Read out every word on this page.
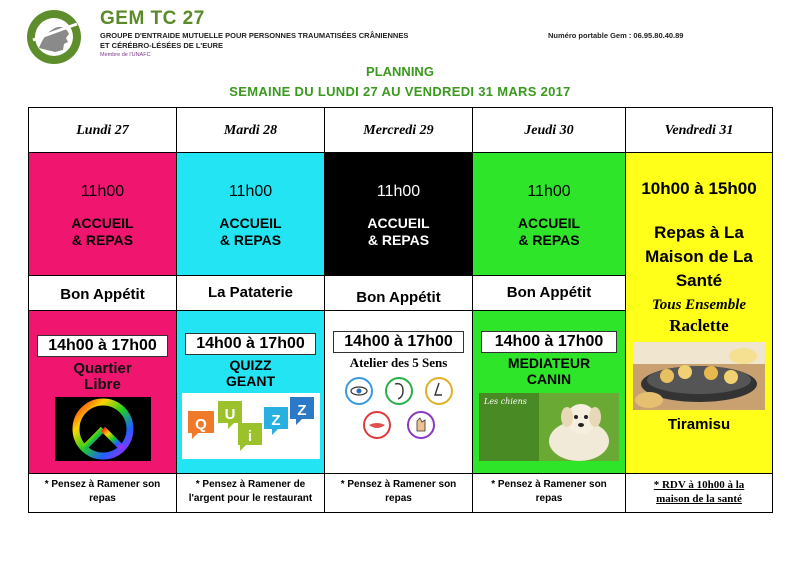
GEM TC 27
GROUPE D'ENTRAIDE MUTUELLE POUR PERSONNES TRAUMATISÉES CRÂNIENNES
ET CÉRÉBRO-LÉSÉES DE L'EURE
Membre de l'UNAFC
Numéro portable Gem : 06.95.80.40.89
PLANNING
SEMAINE DU LUNDI 27 AU VENDREDI 31 MARS 2017
Lundi 27
11h00
ACCUEIL
& REPAS
Bon Appétit
14h00 à 17h00
Quartier
Libre
* Pensez à Ramener son
repas
Mardi 28
11h00
ACCUEIL
& REPAS
La Pataterie
14h00 à 17h00
QUIZZ
GEANT
Q
U
i
Z
Z
* Pensez à Ramener de
l'argent pour le restaurant
Mercredi 29
11h00
ACCUEIL
& REPAS
Bon Appétit
14h00 à 17h00
Atelier des 5 Sens
* Pensez à Ramener son
repas
Jeudi 30
11h00
ACCUEIL
& REPAS
Bon Appétit
14h00 à 17h00
MEDIATEUR
CANIN
Les chiens
* Pensez à Ramener son
repas
Vendredi 31
10h00 à 15h00
Repas à La
Maison de La
Santé
Tous Ensemble
Raclette
Tiramisu
* RDV à 10h00 à la
maison de la santé
